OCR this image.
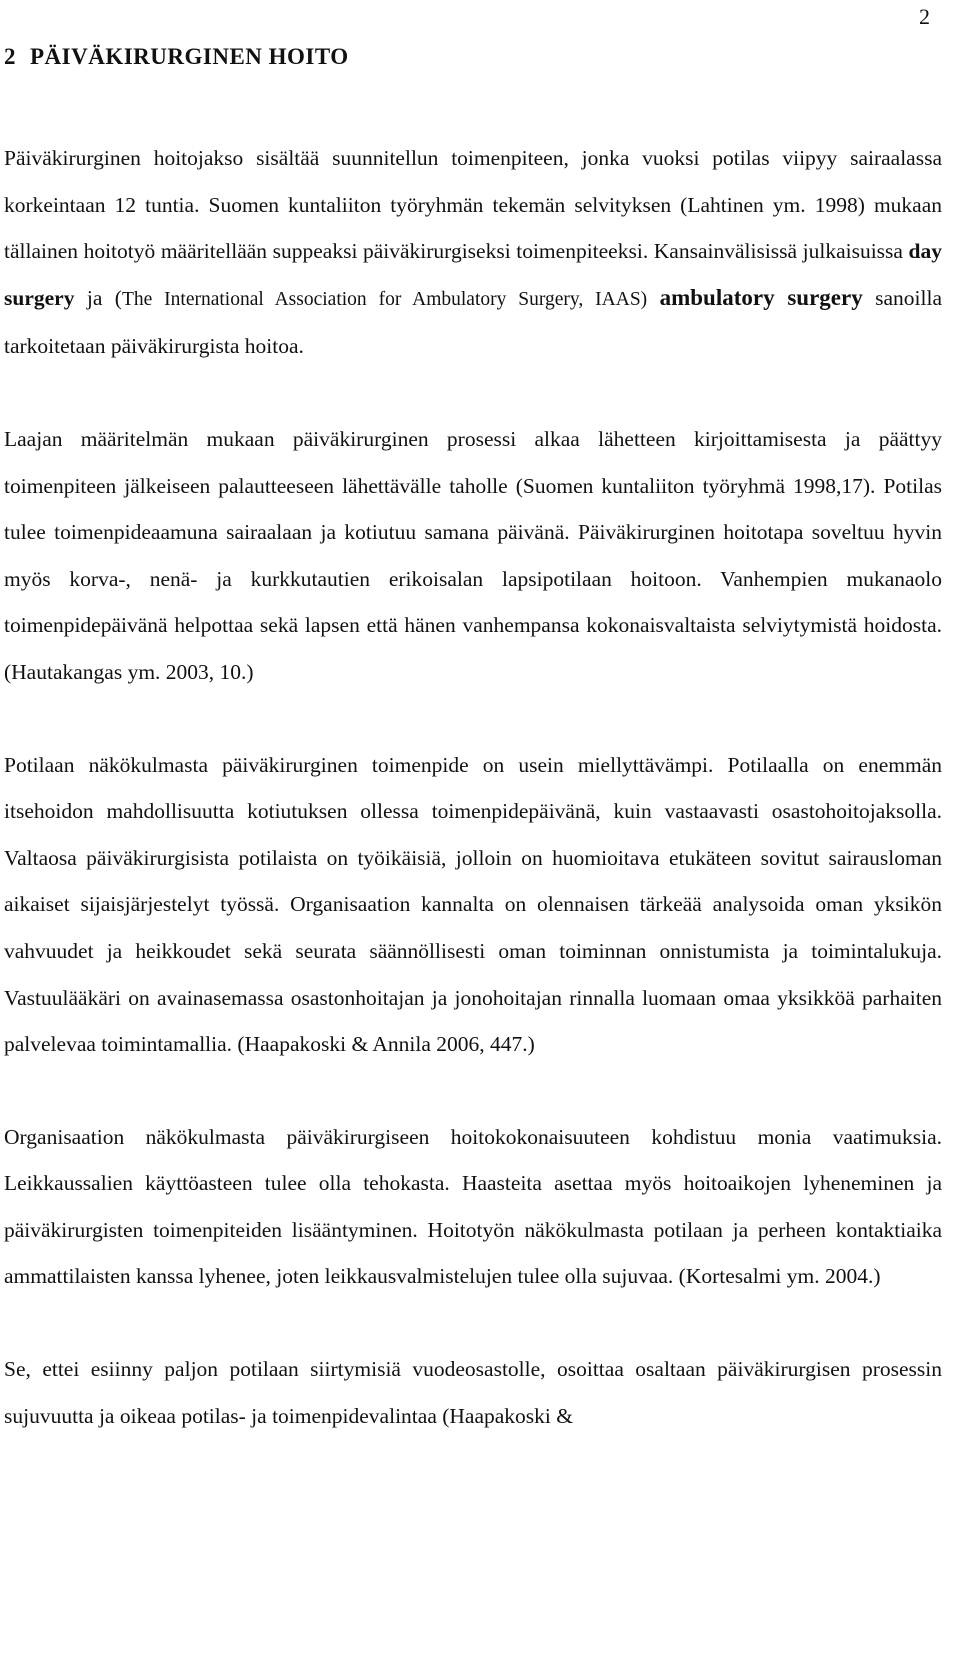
2
2 PÄIVÄKIRURGINEN HOITO

Päiväkirurginen hoitojakso sisältää suunnitellun toimenpiteen, jonka vuoksi potilas viipyy sairaalassa korkeintaan 12 tuntia. Suomen kuntaliiton työryhmän tekemän selvityksen (Lahtinen ym. 1998) mukaan tällainen hoitotyö määritellään suppeaksi päiväkirurgiseksi toimenpiteeksi. Kansainvälisissä julkaisuissa day surgery ja (The International Association for Ambulatory Surgery, IAAS) ambulatory surgery sanoilla tarkoitetaan päiväkirurgista hoitoa.

Laajan määritelmän mukaan päiväkirurginen prosessi alkaa lähetteen kirjoittamisesta ja päättyy toimenpiteen jälkeiseen palautteeseen lähettävälle taholle (Suomen kuntaliiton työryhmä 1998,17). Potilas tulee toimenpideaamuna sairaalaan ja kotiutuu samana päivänä. Päiväkirurginen hoitotapa soveltuu hyvin myös korva-, nenä- ja kurkkutautien erikoisalan lapsipotilaan hoitoon. Vanhempien mukanaolo toimenpidepäivänä helpottaa sekä lapsen että hänen vanhempansa kokonaisvaltaista selviytymistä hoidosta. (Hautakangas ym. 2003, 10.)

Potilaan näkökulmasta päiväkirurginen toimenpide on usein miellyttävämpi. Potilaalla on enemmän itsehoidon mahdollisuutta kotiutuksen ollessa toimenpidepäivänä, kuin vastaavasti osastohoitojaksolla. Valtaosa päiväkirurgisista potilaista on työikäisiä, jolloin on huomioitava etukäteen sovitut sairausloman aikaiset sijaisjärjestelyt työssä. Organisaation kannalta on olennaisen tärkeää analysoida oman yksikön vahvuudet ja heikkoudet sekä seurata säännöllisesti oman toiminnan onnistumista ja toimintalukuja. Vastuulääkäri on avainasemassa osastonhoitajan ja jonohoitajan rinnalla luomaan omaa yksikköä parhaiten palvelevaa toimintamallia. (Haapakoski & Annila 2006, 447.)

Organisaation näkökulmasta päiväkirurgiseen hoitokokonaisuuteen kohdistuu monia vaatimuksia. Leikkaussalien käyttöasteen tulee olla tehokasta. Haasteita asettaa myös hoitoaikojen lyheneminen ja päiväkirurgisten toimenpiteiden lisääntyminen. Hoitotyön näkökulmasta potilaan ja perheen kontaktiaika ammattilaisten kanssa lyhenee, joten leikkausvalmistelujen tulee olla sujuvaa. (Kortesalmi ym. 2004.)

Se, ettei esiinny paljon potilaan siirtymisiä vuodeosastolle, osoittaa osaltaan päiväkirurgisen prosessin sujuvuutta ja oikeaa potilas- ja toimenpidevalintaa (Haapakoski &
